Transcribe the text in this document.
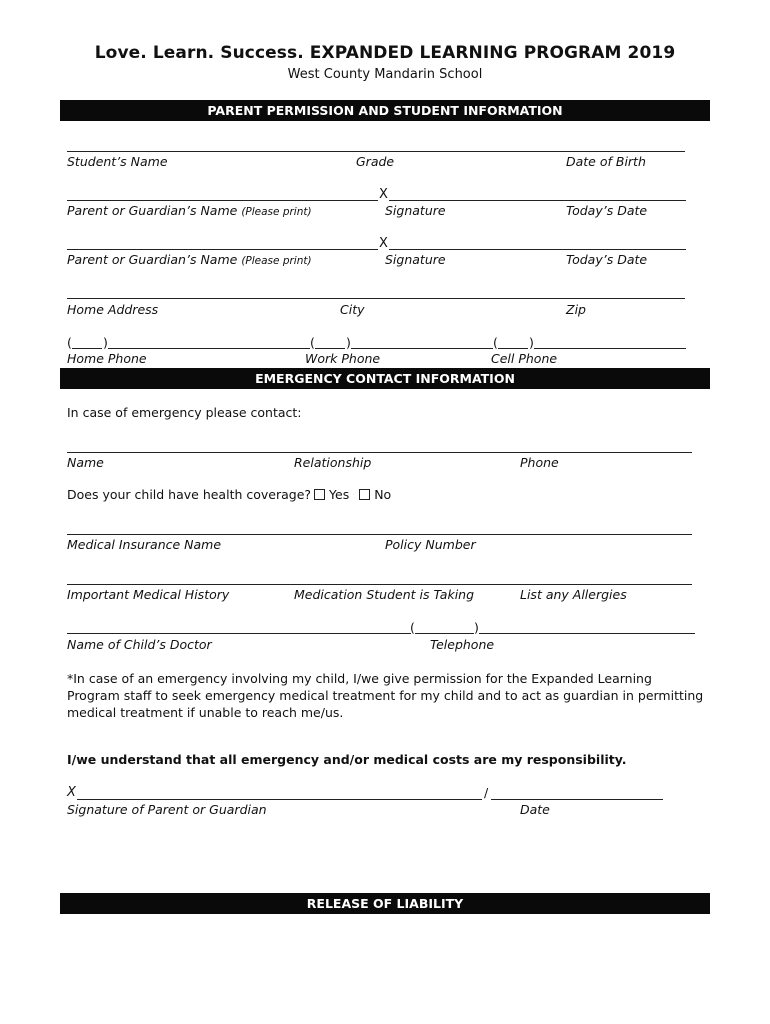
Love. Learn. Success. EXPANDED LEARNING PROGRAM 2019
West County Mandarin School
PARENT PERMISSION AND STUDENT INFORMATION
Student’s Name	Grade	Date of Birth
X
Parent or Guardian’s Name (Please print)	Signature	Today’s Date
X
Parent or Guardian’s Name (Please print)	Signature	Today’s Date
Home Address	City	Zip
( )	( )	( )
Home Phone	Work Phone	Cell Phone
EMERGENCY CONTACT INFORMATION
In case of emergency please contact:
Name	Relationship	Phone
Does your child have health coverage? Yes No
Medical Insurance Name	Policy Number
Important Medical History	Medication Student is Taking	List any Allergies
(	)
Name of Child’s Doctor	Telephone
*In case of an emergency involving my child, I/we give permission for the Expanded Learning Program staff to seek emergency medical treatment for my child and to act as guardian in permitting medical treatment if unable to reach me/us.
I/we understand that all emergency and/or medical costs are my responsibility.
X	/
Signature of Parent or Guardian	Date
RELEASE OF LIABILITY
